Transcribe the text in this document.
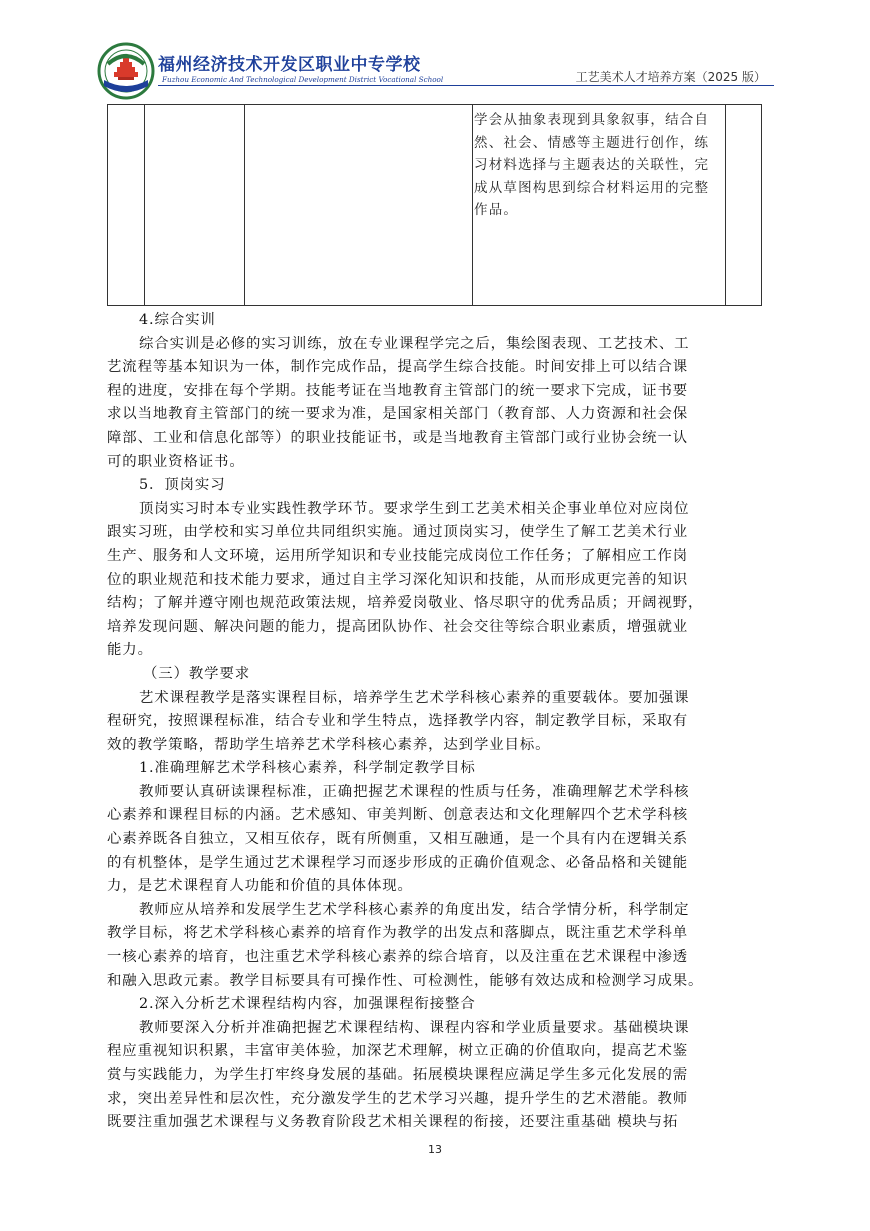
福州经济技术开发区职业中专学校
Fuzhou Economic And Technological Development District Vocational School	工艺美术人才培养方案（2025 版）
学会从抽象表现到具象叙事，结合自
然、社会、情感等主题进行创作，练
习材料选择与主题表达的关联性，完
成从草图构思到综合材料运用的完整
作品。
4.综合实训
综合实训是必修的实习训练，放在专业课程学完之后，集绘图表现、工艺技术、工
艺流程等基本知识为一体，制作完成作品，提高学生综合技能。时间安排上可以结合课
程的进度，安排在每个学期。技能考证在当地教育主管部门的统一要求下完成，证书要
求以当地教育主管部门的统一要求为准，是国家相关部门（教育部、人力资源和社会保
障部、工业和信息化部等）的职业技能证书，或是当地教育主管部门或行业协会统一认
可的职业资格证书。
5．顶岗实习
顶岗实习时本专业实践性教学环节。要求学生到工艺美术相关企事业单位对应岗位
跟实习班，由学校和实习单位共同组织实施。通过顶岗实习，使学生了解工艺美术行业
生产、服务和人文环境，运用所学知识和专业技能完成岗位工作任务；了解相应工作岗
位的职业规范和技术能力要求，通过自主学习深化知识和技能，从而形成更完善的知识
结构；了解并遵守刚也规范政策法规，培养爱岗敬业、恪尽职守的优秀品质；开阔视野，
培养发现问题、解决问题的能力，提高团队协作、社会交往等综合职业素质，增强就业
能力。
（三）教学要求
艺术课程教学是落实课程目标，培养学生艺术学科核心素养的重要载体。要加强课
程研究，按照课程标准，结合专业和学生特点，选择教学内容，制定教学目标，采取有
效的教学策略，帮助学生培养艺术学科核心素养，达到学业目标。
1.准确理解艺术学科核心素养，科学制定教学目标
教师要认真研读课程标准，正确把握艺术课程的性质与任务，准确理解艺术学科核
心素养和课程目标的内涵。艺术感知、审美判断、创意表达和文化理解四个艺术学科核
心素养既各自独立，又相互依存，既有所侧重，又相互融通，是一个具有内在逻辑关系
的有机整体，是学生通过艺术课程学习而逐步形成的正确价值观念、必备品格和关键能
力，是艺术课程育人功能和价值的具体体现。
教师应从培养和发展学生艺术学科核心素养的角度出发，结合学情分析，科学制定
教学目标，将艺术学科核心素养的培育作为教学的出发点和落脚点，既注重艺术学科单
一核心素养的培育，也注重艺术学科核心素养的综合培育，以及注重在艺术课程中渗透
和融入思政元素。教学目标要具有可操作性、可检测性，能够有效达成和检测学习成果。
2.深入分析艺术课程结构内容，加强课程衔接整合
教师要深入分析并准确把握艺术课程结构、课程内容和学业质量要求。基础模块课
程应重视知识积累，丰富审美体验，加深艺术理解，树立正确的价值取向，提高艺术鉴
赏与实践能力，为学生打牢终身发展的基础。拓展模块课程应满足学生多元化发展的需
求，突出差异性和层次性，充分激发学生的艺术学习兴趣，提升学生的艺术潜能。教师
既要注重加强艺术课程与义务教育阶段艺术相关课程的衔接，还要注重基础 模块与拓
13
